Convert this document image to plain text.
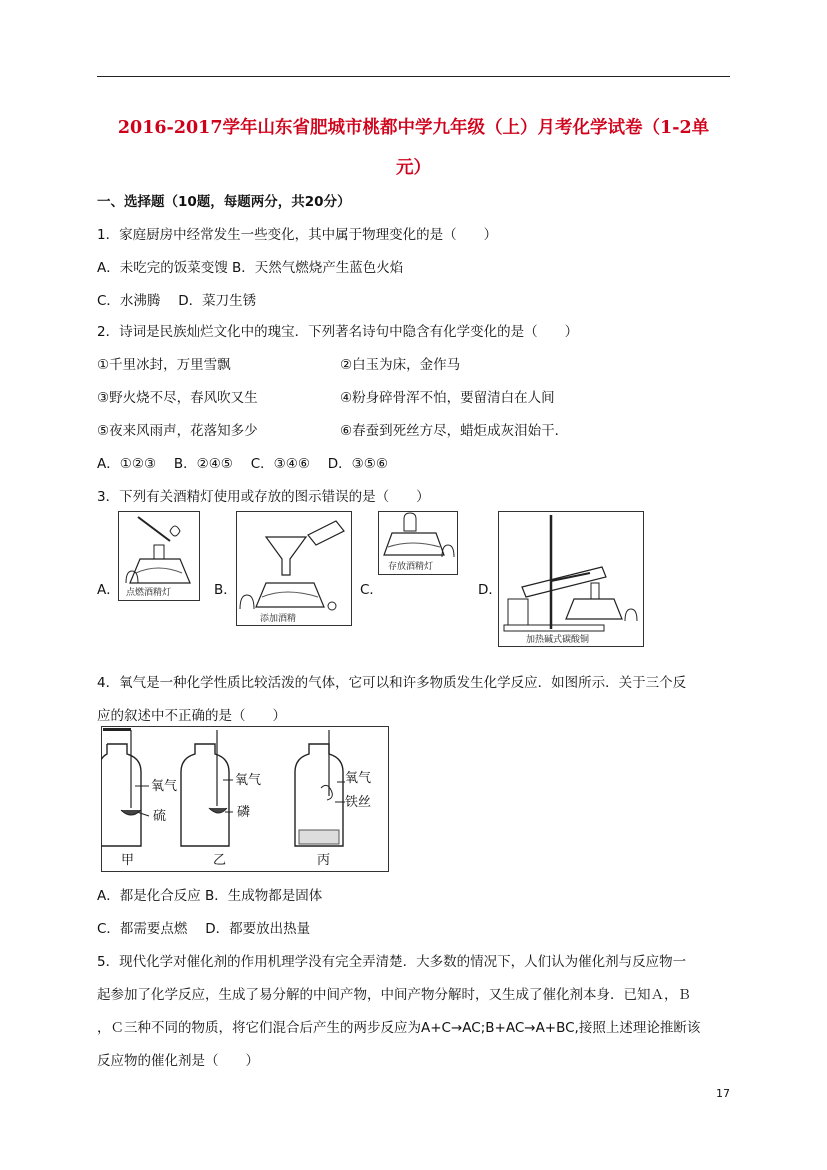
2016-2017学年山东省肥城市桃都中学九年级（上）月考化学试卷（1-2单
元）
一、选择题（10题，每题两分，共20分）
1．家庭厨房中经常发生一些变化，其中属于物理变化的是（　　）
A．未吃完的饭菜变馊 B．天然气燃烧产生蓝色火焰
C．水沸腾　 D．菜刀生锈
2．诗词是民族灿烂文化中的瑰宝．下列著名诗句中隐含有化学变化的是（　　）
①千里冰封，万里雪飘	②白玉为床，金作马
③野火烧不尽，春风吹又生	④粉身碎骨浑不怕，要留清白在人间
⑤夜来风雨声，花落知多少	⑥春蚕到死丝方尽，蜡炬成灰泪始干．
A．①②③　 B．②④⑤　 C．③④⑥　 D．③⑤⑥
3．下列有关酒精灯使用或存放的图示错误的是（　　）
A． 点燃酒精灯	B．
添加酒精
C．
存放酒精灯
D．
加热碱式碳酸铜
4．氧气是一种化学性质比较活泼的气体，它可以和许多物质发生化学反应．如图所示．关于三个反
应的叙述中不正确的是（　　）
氧气
硫
甲
氧气
磷
乙
氧气
铁丝
丙
A．都是化合反应 B．生成物都是固体
C．都需要点燃　 D．都要放出热量
5．现代化学对催化剂的作用机理学没有完全弄清楚．大多数的情况下，人们认为催化剂与反应物一
起参加了化学反应，生成了易分解的中间产物，中间产物分解时，又生成了催化剂本身．已知Ａ，Ｂ
，Ｃ三种不同的物质，将它们混合后产生的两步反应为A+C→AC;B+AC→A+BC,接照上述理论推断该
反应物的催化剂是（　　）
17
